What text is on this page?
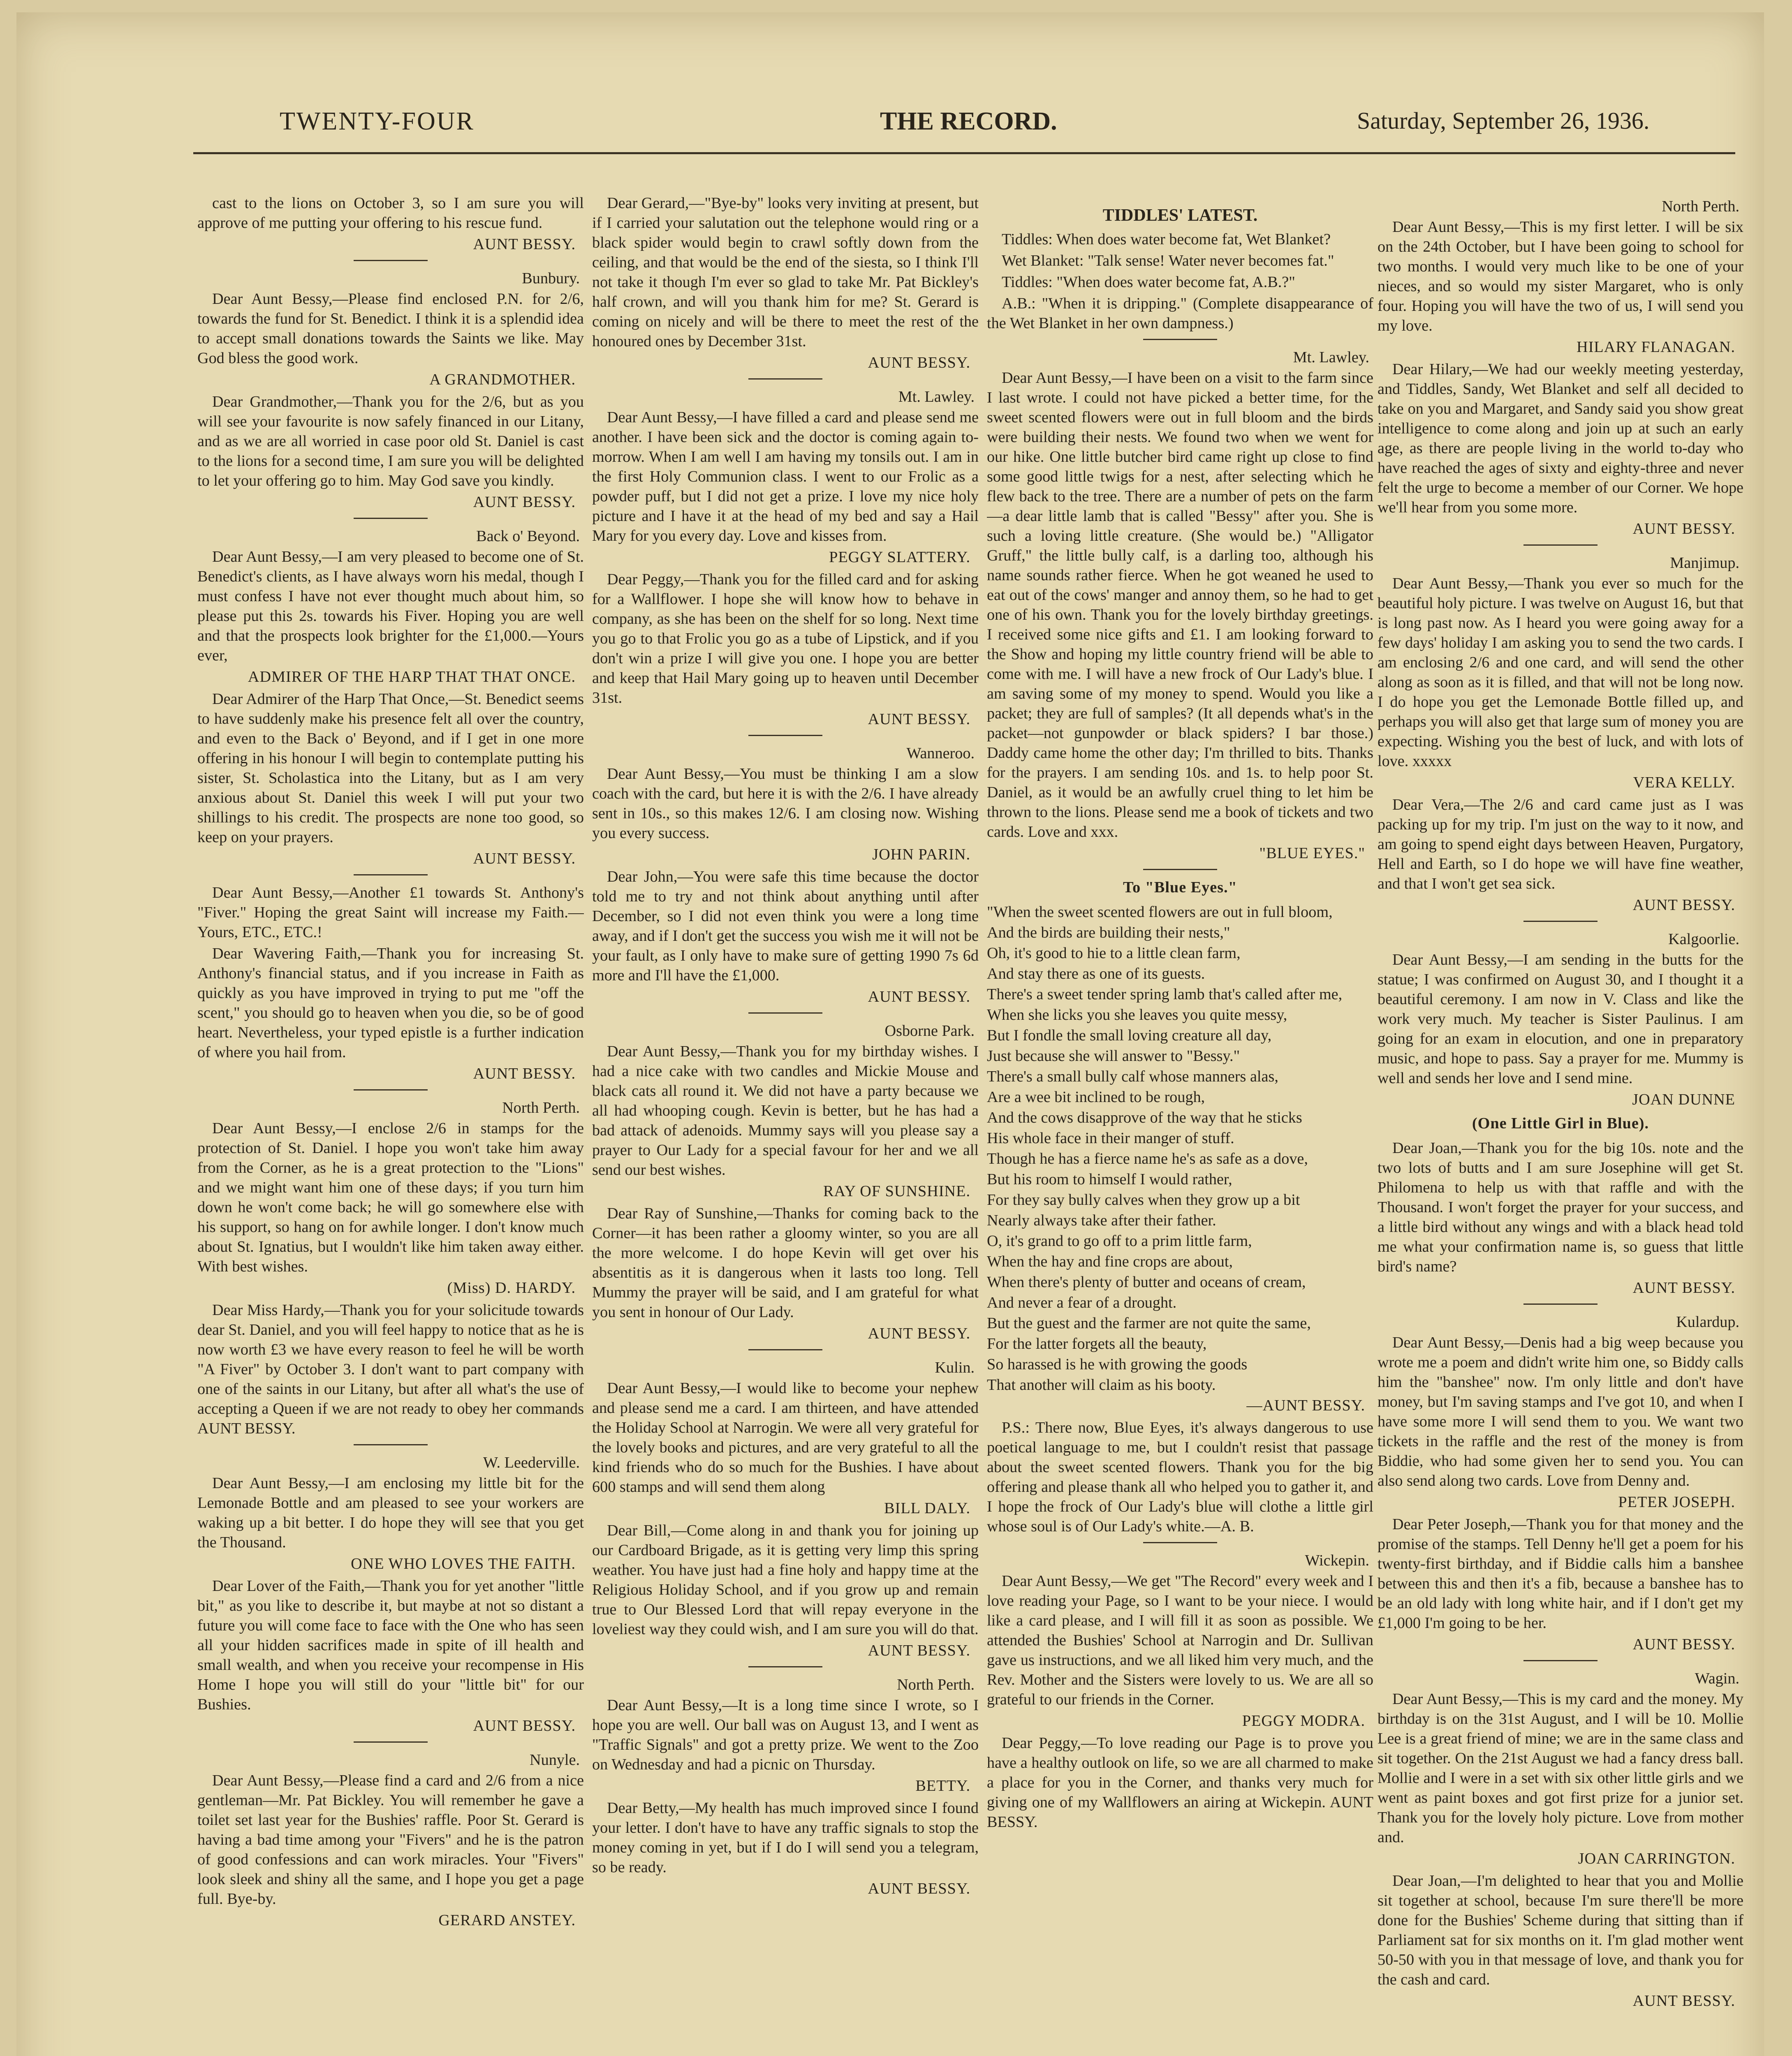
TWENTY-FOUR	THE RECORD.	Saturday, September 26, 1936.
cast to the lions on October 3, so I am sure you will approve of me putting your offering to his rescue fund.
AUNT BESSY.
Bunbury.
Dear Aunt Bessy,—Please find enclosed P.N. for 2/6, towards the fund for St. Benedict. I think it is a splendid idea to accept small donations towards the Saints we like. May God bless the good work.
A GRANDMOTHER.
Dear Grandmother,—Thank you for the 2/6, but as you will see your favourite is now safely financed in our Litany, and as we are all worried in case poor old St. Daniel is cast to the lions for a second time, I am sure you will be delighted to let your offering go to him. May God save you kindly.
AUNT BESSY.
Back o' Beyond.
Dear Aunt Bessy,—I am very pleased to become one of St. Benedict's clients, as I have always worn his medal, though I must confess I have not ever thought much about him, so please put this 2s. towards his Fiver. Hoping you are well and that the prospects look brighter for the £1,000.—Yours ever,
ADMIRER OF THE HARP THAT THAT ONCE.
Dear Admirer of the Harp That Once,—St. Benedict seems to have suddenly make his presence felt all over the country, and even to the Back o' Beyond, and if I get in one more offering in his honour I will begin to contemplate putting his sister, St. Scholastica into the Litany, but as I am very anxious about St. Daniel this week I will put your two shillings to his credit. The prospects are none too good, so keep on your prayers.
AUNT BESSY.
Dear Aunt Bessy,—Another £1 towards St. Anthony's "Fiver." Hoping the great Saint will increase my Faith.—Yours, ETC., ETC.!
Dear Wavering Faith,—Thank you for increasing St. Anthony's financial status, and if you increase in Faith as quickly as you have improved in trying to put me "off the scent," you should go to heaven when you die, so be of good heart. Nevertheless, your typed epistle is a further indication of where you hail from.
AUNT BESSY.
North Perth.
Dear Aunt Bessy,—I enclose 2/6 in stamps for the protection of St. Daniel. I hope you won't take him away from the Corner, as he is a great protection to the "Lions" and we might want him one of these days; if you turn him down he won't come back; he will go somewhere else with his support, so hang on for awhile longer. I don't know much about St. Ignatius, but I wouldn't like him taken away either. With best wishes.
(Miss) D. HARDY.
Dear Miss Hardy,—Thank you for your solicitude towards dear St. Daniel, and you will feel happy to notice that as he is now worth £3 we have every reason to feel he will be worth "A Fiver" by October 3. I don't want to part company with one of the saints in our Litany, but after all what's the use of accepting a Queen if we are not ready to obey her commands AUNT BESSY.
W. Leederville.
Dear Aunt Bessy,—I am enclosing my little bit for the Lemonade Bottle and am pleased to see your workers are waking up a bit better. I do hope they will see that you get the Thousand.
ONE WHO LOVES THE FAITH.
Dear Lover of the Faith,—Thank you for yet another "little bit," as you like to describe it, but maybe at not so distant a future you will come face to face with the One who has seen all your hidden sacrifices made in spite of ill health and small wealth, and when you receive your recompense in His Home I hope you will still do your "little bit" for our Bushies.
AUNT BESSY.
Nunyle.
Dear Aunt Bessy,—Please find a card and 2/6 from a nice gentleman—Mr. Pat Bickley. You will remember he gave a toilet set last year for the Bushies' raffle. Poor St. Gerard is having a bad time among your "Fivers" and he is the patron of good confessions and can work miracles. Your "Fivers" look sleek and shiny all the same, and I hope you get a page full. Bye-by.
GERARD ANSTEY.
Dear Gerard,—"Bye-by" looks very inviting at present, but if I carried your salutation out the telephone would ring or a black spider would begin to crawl softly down from the ceiling, and that would be the end of the siesta, so I think I'll not take it though I'm ever so glad to take Mr. Pat Bickley's half crown, and will you thank him for me? St. Gerard is coming on nicely and will be there to meet the rest of the honoured ones by December 31st.
AUNT BESSY.
Mt. Lawley.
Dear Aunt Bessy,—I have filled a card and please send me another. I have been sick and the doctor is coming again to-morrow. When I am well I am having my tonsils out. I am in the first Holy Communion class. I went to our Frolic as a powder puff, but I did not get a prize. I love my nice holy picture and I have it at the head of my bed and say a Hail Mary for you every day. Love and kisses from.
PEGGY SLATTERY.
Dear Peggy,—Thank you for the filled card and for asking for a Wallflower. I hope she will know how to behave in company, as she has been on the shelf for so long. Next time you go to that Frolic you go as a tube of Lipstick, and if you don't win a prize I will give you one. I hope you are better and keep that Hail Mary going up to heaven until December 31st.
AUNT BESSY.
Wanneroo.
Dear Aunt Bessy,—You must be thinking I am a slow coach with the card, but here it is with the 2/6. I have already sent in 10s., so this makes 12/6. I am closing now. Wishing you every success.
JOHN PARIN.
Dear John,—You were safe this time because the doctor told me to try and not think about anything until after December, so I did not even think you were a long time away, and if I don't get the success you wish me it will not be your fault, as I only have to make sure of getting 1990 7s 6d more and I'll have the £1,000.
AUNT BESSY.
Osborne Park.
Dear Aunt Bessy,—Thank you for my birthday wishes. I had a nice cake with two candles and Mickie Mouse and black cats all round it. We did not have a party because we all had whooping cough. Kevin is better, but he has had a bad attack of adenoids. Mummy says will you please say a prayer to Our Lady for a special favour for her and we all send our best wishes.
RAY OF SUNSHINE.
Dear Ray of Sunshine,—Thanks for coming back to the Corner—it has been rather a gloomy winter, so you are all the more welcome. I do hope Kevin will get over his absentitis as it is dangerous when it lasts too long. Tell Mummy the prayer will be said, and I am grateful for what you sent in honour of Our Lady.
AUNT BESSY.
Kulin.
Dear Aunt Bessy,—I would like to become your nephew and please send me a card. I am thirteen, and have attended the Holiday School at Narrogin. We were all very grateful for the lovely books and pictures, and are very grateful to all the kind friends who do so much for the Bushies. I have about 600 stamps and will send them along
BILL DALY.
Dear Bill,—Come along in and thank you for joining up our Cardboard Brigade, as it is getting very limp this spring weather. You have just had a fine holy and happy time at the Religious Holiday School, and if you grow up and remain true to Our Blessed Lord that will repay everyone in the loveliest way they could wish, and I am sure you will do that.
AUNT BESSY.
North Perth.
Dear Aunt Bessy,—It is a long time since I wrote, so I hope you are well. Our ball was on August 13, and I went as "Traffic Signals" and got a pretty prize. We went to the Zoo on Wednesday and had a picnic on Thursday.
BETTY.
Dear Betty,—My health has much improved since I found your letter. I don't have to have any traffic signals to stop the money coming in yet, but if I do I will send you a telegram, so be ready.
AUNT BESSY.
TIDDLES' LATEST.
Tiddles: When does water become fat, Wet Blanket?
Wet Blanket: "Talk sense! Water never becomes fat."
Tiddles: "When does water become fat, A.B.?"
A.B.: "When it is dripping." (Complete disappearance of the Wet Blanket in her own dampness.)
Mt. Lawley.
Dear Aunt Bessy,—I have been on a visit to the farm since I last wrote. I could not have picked a better time, for the sweet scented flowers were out in full bloom and the birds were building their nests. We found two when we went for our hike. One little butcher bird came right up close to find some good little twigs for a nest, after selecting which he flew back to the tree. There are a number of pets on the farm—a dear little lamb that is called "Bessy" after you. She is such a loving little creature. (She would be.) "Alligator Gruff," the little bully calf, is a darling too, although his name sounds rather fierce. When he got weaned he used to eat out of the cows' manger and annoy them, so he had to get one of his own. Thank you for the lovely birthday greetings. I received some nice gifts and £1. I am looking forward to the Show and hoping my little country friend will be able to come with me. I will have a new frock of Our Lady's blue. I am saving some of my money to spend. Would you like a packet; they are full of samples? (It all depends what's in the packet—not gunpowder or black spiders? I bar those.) Daddy came home the other day; I'm thrilled to bits. Thanks for the prayers. I am sending 10s. and 1s. to help poor St. Daniel, as it would be an awfully cruel thing to let him be thrown to the lions. Please send me a book of tickets and two cards. Love and xxx.
"BLUE EYES."
To "Blue Eyes."
"When the sweet scented flowers are out in full bloom,
And the birds are building their nests,"
Oh, it's good to hie to a little clean farm,
And stay there as one of its guests.
There's a sweet tender spring lamb that's called after me,
When she licks you she leaves you quite messy,
But I fondle the small loving creature all day,
Just because she will answer to "Bessy."
There's a small bully calf whose manners alas,
Are a wee bit inclined to be rough,
And the cows disapprove of the way that he sticks
His whole face in their manger of stuff.
Though he has a fierce name he's as safe as a dove,
But his room to himself I would rather,
For they say bully calves when they grow up a bit
Nearly always take after their father.
O, it's grand to go off to a prim little farm,
When the hay and fine crops are about,
When there's plenty of butter and oceans of cream,
And never a fear of a drought.
But the guest and the farmer are not quite the same,
For the latter forgets all the beauty,
So harassed is he with growing the goods
That another will claim as his booty.
—AUNT BESSY.
P.S.: There now, Blue Eyes, it's always dangerous to use poetical language to me, but I couldn't resist that passage about the sweet scented flowers. Thank you for the big offering and please thank all who helped you to gather it, and I hope the frock of Our Lady's blue will clothe a little girl whose soul is of Our Lady's white.—A. B.
Wickepin.
Dear Aunt Bessy,—We get "The Record" every week and I love reading your Page, so I want to be your niece. I would like a card please, and I will fill it as soon as possible. We attended the Bushies' School at Narrogin and Dr. Sullivan gave us instructions, and we all liked him very much, and the Rev. Mother and the Sisters were lovely to us. We are all so grateful to our friends in the Corner.
PEGGY MODRA.
Dear Peggy,—To love reading our Page is to prove you have a healthy outlook on life, so we are all charmed to make a place for you in the Corner, and thanks very much for giving one of my Wallflowers an airing at Wickepin. AUNT BESSY.
North Perth.
Dear Aunt Bessy,—This is my first letter. I will be six on the 24th October, but I have been going to school for two months. I would very much like to be one of your nieces, and so would my sister Margaret, who is only four. Hoping you will have the two of us, I will send you my love.
HILARY FLANAGAN.
Dear Hilary,—We had our weekly meeting yesterday, and Tiddles, Sandy, Wet Blanket and self all decided to take on you and Margaret, and Sandy said you show great intelligence to come along and join up at such an early age, as there are people living in the world to-day who have reached the ages of sixty and eighty-three and never felt the urge to become a member of our Corner. We hope we'll hear from you some more.
AUNT BESSY.
Manjimup.
Dear Aunt Bessy,—Thank you ever so much for the beautiful holy picture. I was twelve on August 16, but that is long past now. As I heard you were going away for a few days' holiday I am asking you to send the two cards. I am enclosing 2/6 and one card, and will send the other along as soon as it is filled, and that will not be long now. I do hope you get the Lemonade Bottle filled up, and perhaps you will also get that large sum of money you are expecting. Wishing you the best of luck, and with lots of love. xxxxx
VERA KELLY.
Dear Vera,—The 2/6 and card came just as I was packing up for my trip. I'm just on the way to it now, and am going to spend eight days between Heaven, Purgatory, Hell and Earth, so I do hope we will have fine weather, and that I won't get sea sick.
AUNT BESSY.
Kalgoorlie.
Dear Aunt Bessy,—I am sending in the butts for the statue; I was confirmed on August 30, and I thought it a beautiful ceremony. I am now in V. Class and like the work very much. My teacher is Sister Paulinus. I am going for an exam in elocution, and one in preparatory music, and hope to pass. Say a prayer for me. Mummy is well and sends her love and I send mine.
JOAN DUNNE
(One Little Girl in Blue).
Dear Joan,—Thank you for the big 10s. note and the two lots of butts and I am sure Josephine will get St. Philomena to help us with that raffle and with the Thousand. I won't forget the prayer for your success, and a little bird without any wings and with a black head told me what your confirmation name is, so guess that little bird's name?
AUNT BESSY.
Kulardup.
Dear Aunt Bessy,—Denis had a big weep because you wrote me a poem and didn't write him one, so Biddy calls him the "banshee" now. I'm only little and don't have money, but I'm saving stamps and I've got 10, and when I have some more I will send them to you. We want two tickets in the raffle and the rest of the money is from Biddie, who had some given her to send you. You can also send along two cards. Love from Denny and.
PETER JOSEPH.
Dear Peter Joseph,—Thank you for that money and the promise of the stamps. Tell Denny he'll get a poem for his twenty-first birthday, and if Biddie calls him a banshee between this and then it's a fib, because a banshee has to be an old lady with long white hair, and if I don't get my £1,000 I'm going to be her.
AUNT BESSY.
Wagin.
Dear Aunt Bessy,—This is my card and the money. My birthday is on the 31st August, and I will be 10. Mollie Lee is a great friend of mine; we are in the same class and sit together. On the 21st August we had a fancy dress ball. Mollie and I were in a set with six other little girls and we went as paint boxes and got first prize for a junior set. Thank you for the lovely holy picture. Love from mother and.
JOAN CARRINGTON.
Dear Joan,—I'm delighted to hear that you and Mollie sit together at school, because I'm sure there'll be more done for the Bushies' Scheme during that sitting than if Parliament sat for six months on it. I'm glad mother went 50-50 with you in that message of love, and thank you for the cash and card.
AUNT BESSY.
